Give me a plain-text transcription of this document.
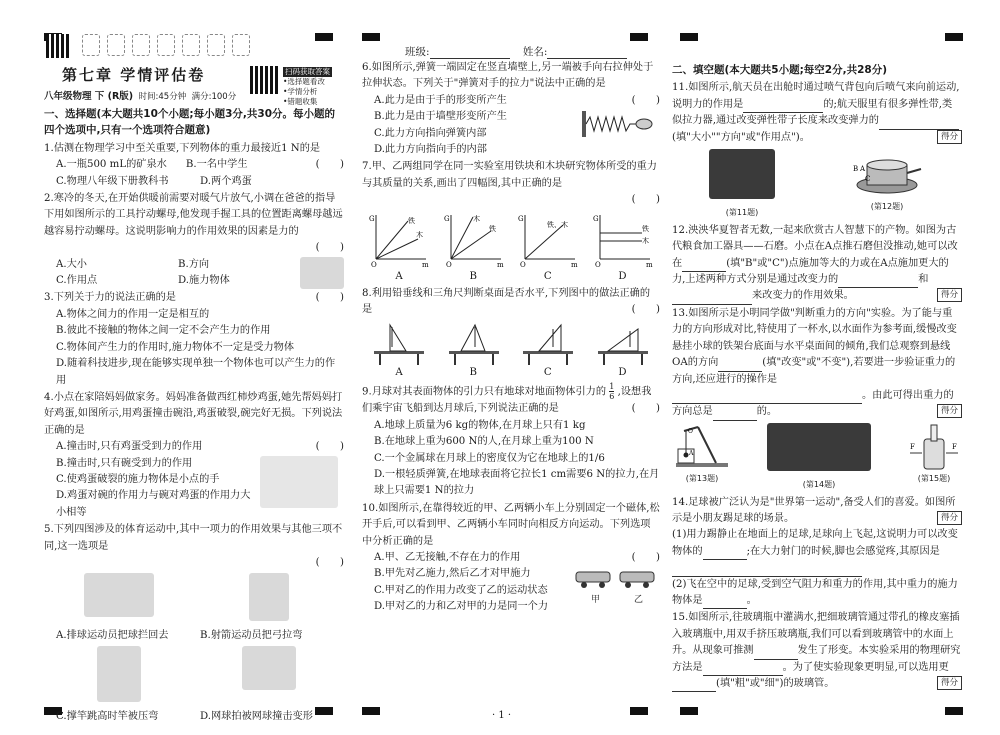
第七章 学情评估卷	扫码获取答案
•选择题看改
•学情分析
•错题收集
八年级物理 下 (R版) 时间:45分钟 满分:100分
一、选择题(本大题共10个小题;每小题3分,共30分。每小题的四个选项中,只有一个选项符合题意)
1.估测在物理学习中至关重要,下列物体的重力最接近1 N的是
(　　)
A.一瓶500 mL的矿泉水	B.一名中学生
C.物理八年级下册教科书	D.两个鸡蛋
2.寒冷的冬天,在开始供暖前需要对暖气片放气,小调在爸爸的指导下用如图所示的工具拧动螺母,他发现手握工具的位置距离螺母越远越容易拧动螺母。这说明影响力的作用效果的因素是力的
(　　)
A.大小	B.方向
C.作用点	D.施力物体
3.下列关于力的说法正确的是	(　　)
A.物体之间力的作用一定是相互的
B.彼此不接触的物体之间一定不会产生力的作用
C.物体间产生力的作用时,施力物体不一定是受力物体
D.随着科技进步,现在能够实现单独一个物体也可以产生力的作用
4.小点在家陪妈妈做家务。妈妈准备做西红柿炒鸡蛋,她先帮妈妈打好鸡蛋,如图所示,用鸡蛋撞击碗沿,鸡蛋破裂,碗完好无损。下列说法正确的是
A.撞击时,只有鸡蛋受到力的作用
B.撞击时,只有碗受到力的作用
C.使鸡蛋破裂的施力物体是小点的手
D.鸡蛋对碗的作用力与碗对鸡蛋的作用力大小相等
(　　)
5.下列四图涉及的体育运动中,其中一项力的作用效果与其他三项不同,这一选项是
(　　)
A.排球运动员把球拦回去	B.射箭运动员把弓拉弯
C.撑竿跳高时竿被压弯	D.网球拍被网球撞击变形
班级:	姓名:
6.如图所示,弹簧一端固定在竖直墙壁上,另一端被手向右拉伸处于拉伸状态。下列关于"弹簧对手的拉力"说法中正确的是
A.此力是由于手的形变所产生
B.此力是由于墙壁形变所产生
C.此力方向指向弹簧内部
D.此力方向指向手的内部
(　　)
7.甲、乙两组同学在同一实验室用铁块和木块研究物体所受的重力与其质量的关系,画出了四幅图,其中正确的是
(　　)
G
m
O
铁
木
G
m
O
木
铁
G
m
O
铁、木
G
m
O
铁
木
A	B	C	D
8.利用铅垂线和三角尺判断桌面是否水平,下列图中的做法正确的是	(　　)
A	B	C	D
9.月球对其表面物体的引力只有地球对地面物体引力的 $\frac{1}{6}$ ,设想我们乘宇宙飞船到达月球后,下列说法正确的是	(　　)
A.地球上质量为6 kg的物体,在月球上只有1 kg
B.在地球上重为600 N的人,在月球上重为100 N
C.一个金属球在月球上的密度仅为它在地球上的1/6
D.一根轻质弹簧,在地球表面将它拉长1 cm需要6 N的拉力,在月球上只需要1 N的拉力
10.如图所示,在靠得较近的甲、乙两辆小车上分别固定一个磁体,松开手后,可以看到甲、乙两辆小车同时向相反方向运动。下列选项中分析正确的是
A.甲、乙无接触,不存在力的作用
B.甲先对乙施力,然后乙才对甲施力
C.甲对乙的作用力改变了乙的运动状态
D.甲对乙的力和乙对甲的力是同一个力
(　　)
甲	乙
· 1 ·
二、填空题(本大题共5小题;每空2分,共28分)
11.如图所示,航天员在出舱时通过喷气背包向后喷气来向前运动,说明力的作用是	的;航天服里有很多弹性带,类似拉力器,通过改变弹性带子长度来改变弹力的(填"大小""方向"或"作用点")。	得分
(第11题)
B A
C
(第12题)
12.泱泱华夏智者无数,一起来欣赏古人智慧下的产物。如图为古代粮食加工器具——石磨。小点在A点推石磨但没推动,她可以改在	(填"B"或"C")点施加等大的力或在A点施加更大的力,上述两种方式分别是通过改变力的	和来改变力的作用效果。	得分
13.如图所示是小明同学做"判断重力的方向"实验。为了能与重力的方向形成对比,特使用了一杯水,以水面作为参考面,缓慢改变悬挂小球的铁架台底面与水平桌面间的倾角,我们总观察到悬线OA的方向	(填"改变"或"不变"),若要进一步验证重力的方向,还应进行的操作是。由此可得出重力的方向总是	的。	得分
O
A
(第13题)
(第14题)
F	F
(第15题)
14.足球被广泛认为是"世界第一运动",备受人们的喜爱。如图所示是小朋友踢足球的场景。	得分
(1)用力踢静止在地面上的足球,足球向上飞起,这说明力可以改变物体的	;在大力射门的时候,脚也会感觉疼,其原因是
(2)飞在空中的足球,受到空气阻力和重力的作用,其中重力的施力物体是	。
15.如图所示,往玻璃瓶中灌满水,把细玻璃管通过带孔的橡皮塞插入玻璃瓶中,用双手挤压玻璃瓶,我们可以看到玻璃管中的水面上升。从现象可推测	发生了形变。本实验采用的物理研究方法是	。为了使实验现象更明显,可以选用更(填"粗"或"细")的玻璃管。	得分
